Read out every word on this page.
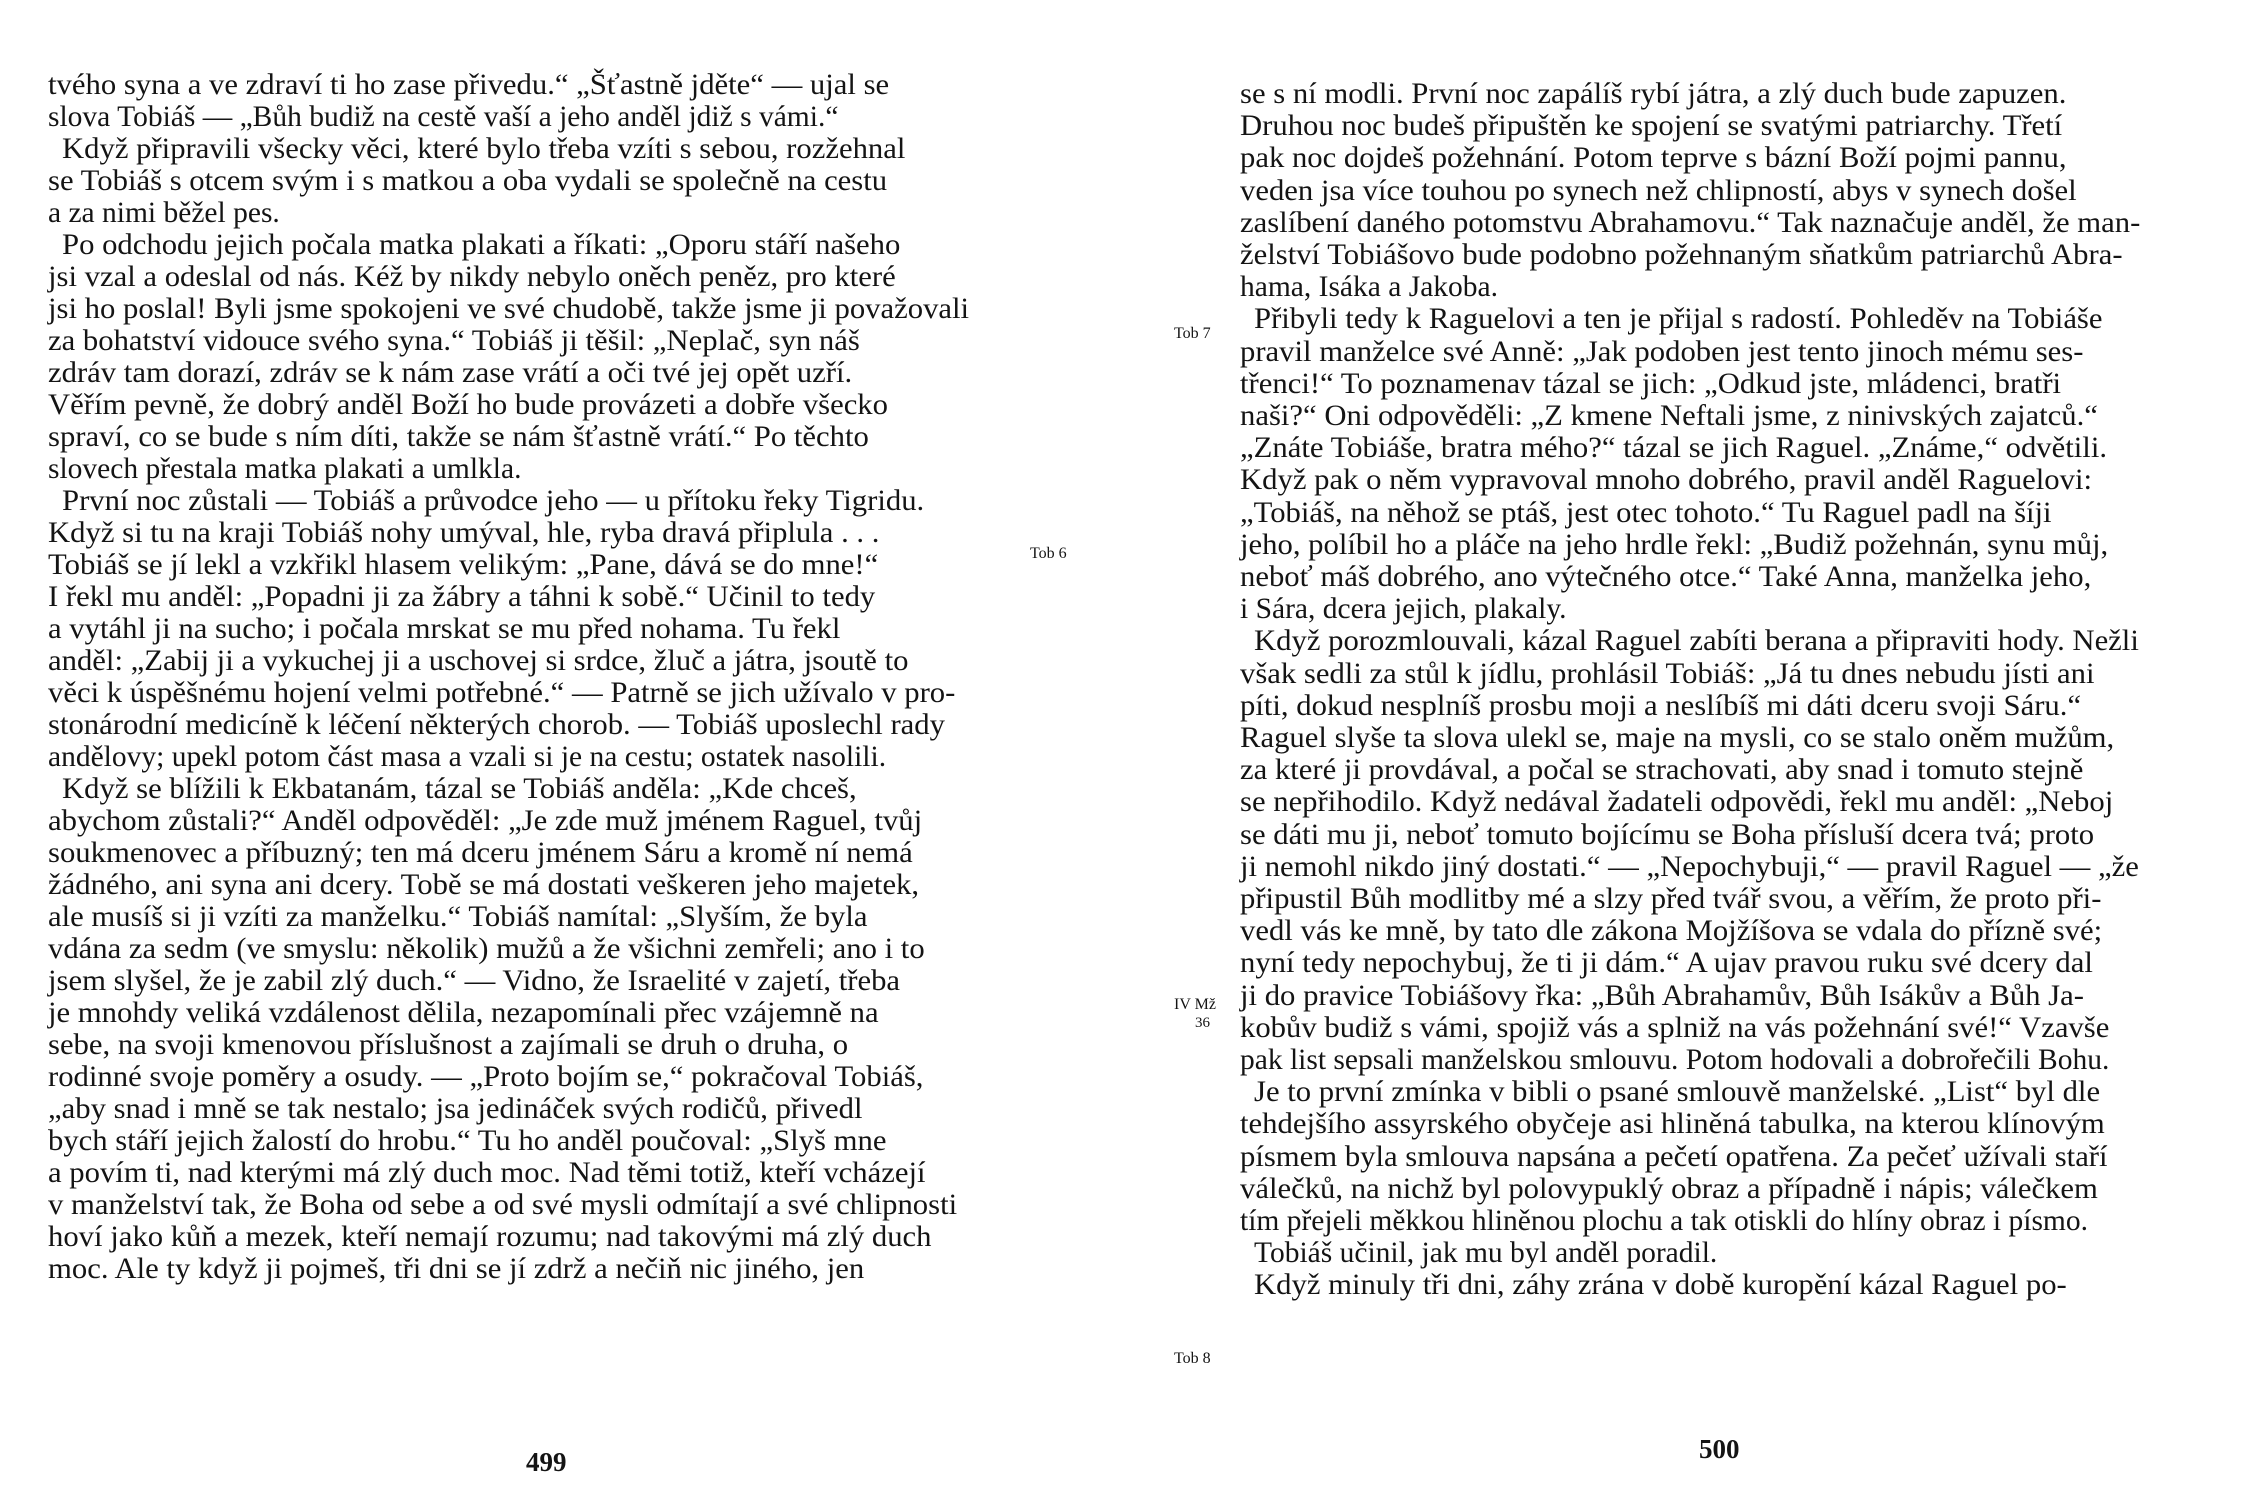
tvého syna a ve zdraví ti ho zase přivedu.“ „Šťastně jděte“ — ujal se
slova Tobiáš — „Bůh budiž na cestě vaší a jeho anděl jdiž s vámi.“
Když připravili všecky věci, které bylo třeba vzíti s sebou, rozžehnal
se Tobiáš s otcem svým i s matkou a oba vydali se společně na cestu
a za nimi běžel pes.
Po odchodu jejich počala matka plakati a říkati: „Oporu stáří našeho
jsi vzal a odeslal od nás. Kéž by nikdy nebylo oněch peněz, pro které
jsi ho poslal! Byli jsme spokojeni ve své chudobě, takže jsme ji považovali
za bohatství vidouce svého syna.“ Tobiáš ji těšil: „Neplač, syn náš
zdráv tam dorazí, zdráv se k nám zase vrátí a oči tvé jej opět uzří.
Věřím pevně, že dobrý anděl Boží ho bude provázeti a dobře všecko
spraví, co se bude s ním díti, takže se nám šťastně vrátí.“ Po těchto
slovech přestala matka plakati a umlkla.
První noc zůstali — Tobiáš a průvodce jeho — u přítoku řeky Tigridu.
Když si tu na kraji Tobiáš nohy umýval, hle, ryba dravá připlula . . .
Tobiáš se jí lekl a vzkřikl hlasem velikým: „Pane, dává se do mne!“
I řekl mu anděl: „Popadni ji za žábry a táhni k sobě.“ Učinil to tedy
a vytáhl ji na sucho; i počala mrskat se mu před nohama. Tu řekl
anděl: „Zabij ji a vykuchej ji a uschovej si srdce, žluč a játra, jsoutě to
věci k úspěšnému hojení velmi potřebné.“ — Patrně se jich užívalo v pro-
stonárodní medicíně k léčení některých chorob. — Tobiáš uposlechl rady
andělovy; upekl potom část masa a vzali si je na cestu; ostatek nasolili.
Když se blížili k Ekbatanám, tázal se Tobiáš anděla: „Kde chceš,
abychom zůstali?“ Anděl odpověděl: „Je zde muž jménem Raguel, tvůj
soukmenovec a příbuzný; ten má dceru jménem Sáru a kromě ní nemá
žádného, ani syna ani dcery. Tobě se má dostati veškeren jeho majetek,
ale musíš si ji vzíti za manželku.“ Tobiáš namítal: „Slyším, že byla
vdána za sedm (ve smyslu: několik) mužů a že všichni zemřeli; ano i to
jsem slyšel, že je zabil zlý duch.“ — Vidno, že Israelité v zajetí, třeba
je mnohdy veliká vzdálenost dělila, nezapomínali přec vzájemně na
sebe, na svoji kmenovou příslušnost a zajímali se druh o druha, o
rodinné svoje poměry a osudy. — „Proto bojím se,“ pokračoval Tobiáš,
„aby snad i mně se tak nestalo; jsa jedináček svých rodičů, přivedl
bych stáří jejich žalostí do hrobu.“ Tu ho anděl poučoval: „Slyš mne
a povím ti, nad kterými má zlý duch moc. Nad těmi totiž, kteří vcházejí
v manželství tak, že Boha od sebe a od své mysli odmítají a své chlipnosti
hoví jako kůň a mezek, kteří nemají rozumu; nad takovými má zlý duch
moc. Ale ty když ji pojmeš, tři dni se jí zdrž a nečiň nic jiného, jen
Tob 6
499
se s ní modli. První noc zapálíš rybí játra, a zlý duch bude zapuzen.
Druhou noc budeš připuštěn ke spojení se svatými patriarchy. Třetí
pak noc dojdeš požehnání. Potom teprve s bázní Boží pojmi pannu,
veden jsa více touhou po synech než chlipností, abys v synech došel
zaslíbení daného potomstvu Abrahamovu.“ Tak naznačuje anděl, že man-
želství Tobiášovo bude podobno požehnaným sňatkům patriarchů Abra-
hama, Isáka a Jakoba.
Přibyli tedy k Raguelovi a ten je přijal s radostí. Pohleděv na Tobiáše
pravil manželce své Anně: „Jak podoben jest tento jinoch mému ses-
třenci!“ To poznamenav tázal se jich: „Odkud jste, mládenci, bratři
naši?“ Oni odpověděli: „Z kmene Neftali jsme, z ninivských zajatců.“
„Znáte Tobiáše, bratra mého?“ tázal se jich Raguel. „Známe,“ odvětili.
Když pak o něm vypravoval mnoho dobrého, pravil anděl Raguelovi:
„Tobiáš, na něhož se ptáš, jest otec tohoto.“ Tu Raguel padl na šíji
jeho, políbil ho a pláče na jeho hrdle řekl: „Budiž požehnán, synu můj,
neboť máš dobrého, ano výtečného otce.“ Také Anna, manželka jeho,
i Sára, dcera jejich, plakaly.
Když porozmlouvali, kázal Raguel zabíti berana a připraviti hody. Nežli
však sedli za stůl k jídlu, prohlásil Tobiáš: „Já tu dnes nebudu jísti ani
píti, dokud nesplníš prosbu moji a neslíbíš mi dáti dceru svoji Sáru.“
Raguel slyše ta slova ulekl se, maje na mysli, co se stalo oněm mužům,
za které ji provdával, a počal se strachovati, aby snad i tomuto stejně
se nepřihodilo. Když nedával žadateli odpovědi, řekl mu anděl: „Neboj
se dáti mu ji, neboť tomuto bojícímu se Boha přísluší dcera tvá; proto
ji nemohl nikdo jiný dostati.“ — „Nepochybuji,“ — pravil Raguel — „že
připustil Bůh modlitby mé a slzy před tvář svou, a věřím, že proto při-
vedl vás ke mně, by tato dle zákona Mojžíšova se vdala do přízně své;
nyní tedy nepochybuj, že ti ji dám.“ A ujav pravou ruku své dcery dal
ji do pravice Tobiášovy řka: „Bůh Abrahamův, Bůh Isákův a Bůh Ja-
kobův budiž s vámi, spojiž vás a splniž na vás požehnání své!“ Vzavše
pak list sepsali manželskou smlouvu. Potom hodovali a dobrořečili Bohu.
Je to první zmínka v bibli o psané smlouvě manželské. „List“ byl dle
tehdejšího assyrského obyčeje asi hliněná tabulka, na kterou klínovým
písmem byla smlouva napsána a pečetí opatřena. Za pečeť užívali staří
válečků, na nichž byl polovypuklý obraz a případně i nápis; válečkem
tím přejeli měkkou hliněnou plochu a tak otiskli do hlíny obraz i písmo.
Tobiáš učinil, jak mu byl anděl poradil.
Když minuly tři dni, záhy zrána v době kuropění kázal Raguel po-
Tob 7
IV Mž
36
Tob 8
500
